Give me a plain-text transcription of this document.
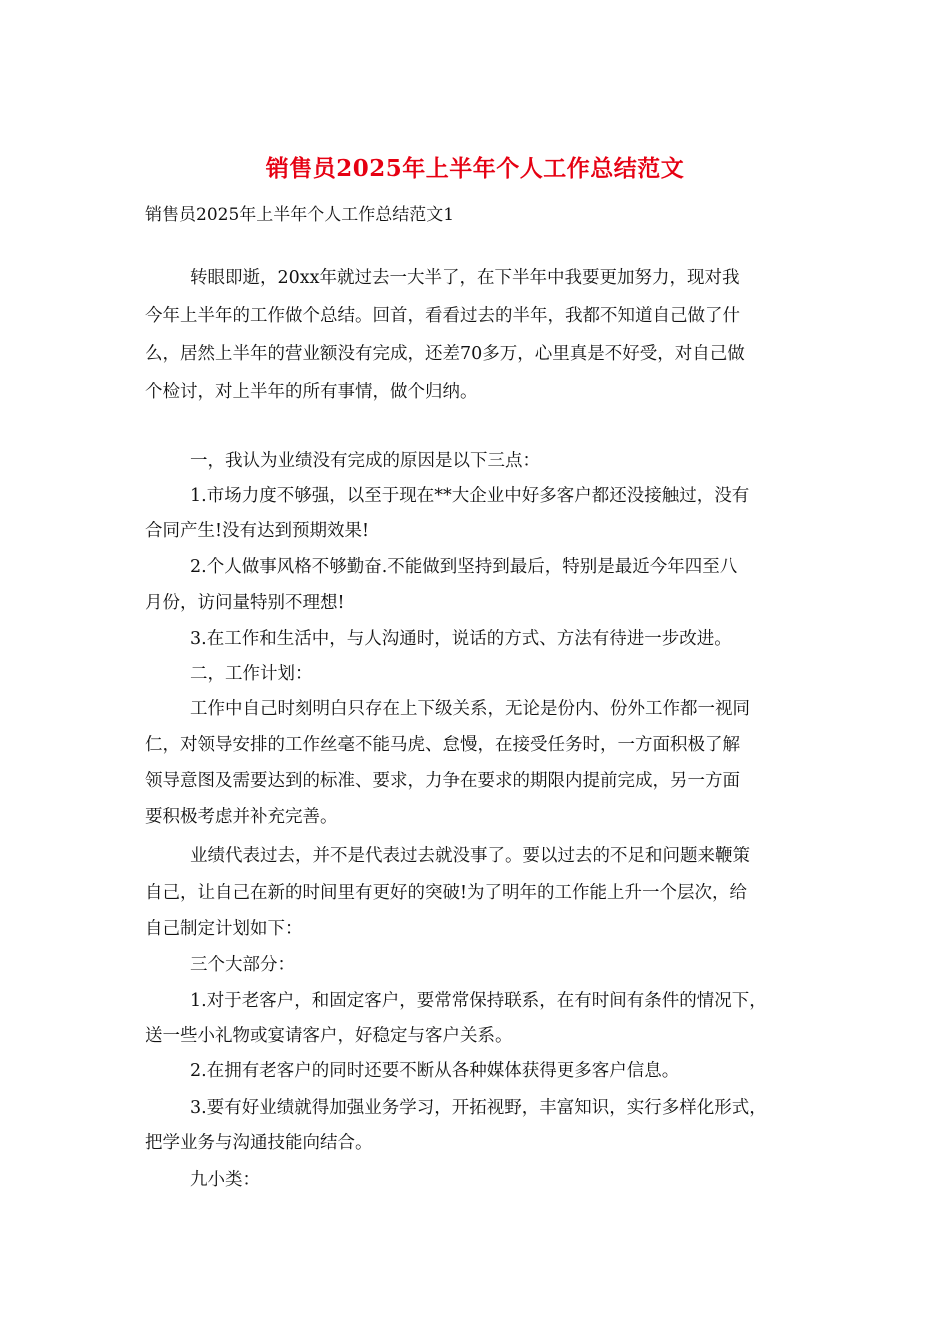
销售员2025年上半年个人工作总结范文
销售员2025年上半年个人工作总结范文1
转眼即逝，20xx年就过去一大半了，在下半年中我要更加努力，现对我
今年上半年的工作做个总结。回首，看看过去的半年，我都不知道自己做了什
么，居然上半年的营业额没有完成，还差70多万，心里真是不好受，对自己做
个检讨，对上半年的所有事情，做个归纳。
一，我认为业绩没有完成的原因是以下三点：
1.市场力度不够强，以至于现在**大企业中好多客户都还没接触过，没有
合同产生!没有达到预期效果!
2.个人做事风格不够勤奋.不能做到坚持到最后，特别是最近今年四至八
月份，访问量特别不理想!
3.在工作和生活中，与人沟通时，说话的方式、方法有待进一步改进。
二，工作计划：
工作中自己时刻明白只存在上下级关系，无论是份内、份外工作都一视同
仁，对领导安排的工作丝毫不能马虎、怠慢，在接受任务时，一方面积极了解
领导意图及需要达到的标准、要求，力争在要求的期限内提前完成，另一方面
要积极考虑并补充完善。
业绩代表过去，并不是代表过去就没事了。要以过去的不足和问题来鞭策
自己，让自己在新的时间里有更好的突破!为了明年的工作能上升一个层次，给
自己制定计划如下：
三个大部分：
1.对于老客户，和固定客户，要常常保持联系，在有时间有条件的情况下，
送一些小礼物或宴请客户，好稳定与客户关系。
2.在拥有老客户的同时还要不断从各种媒体获得更多客户信息。
3.要有好业绩就得加强业务学习，开拓视野，丰富知识，实行多样化形式，
把学业务与沟通技能向结合。
九小类：
